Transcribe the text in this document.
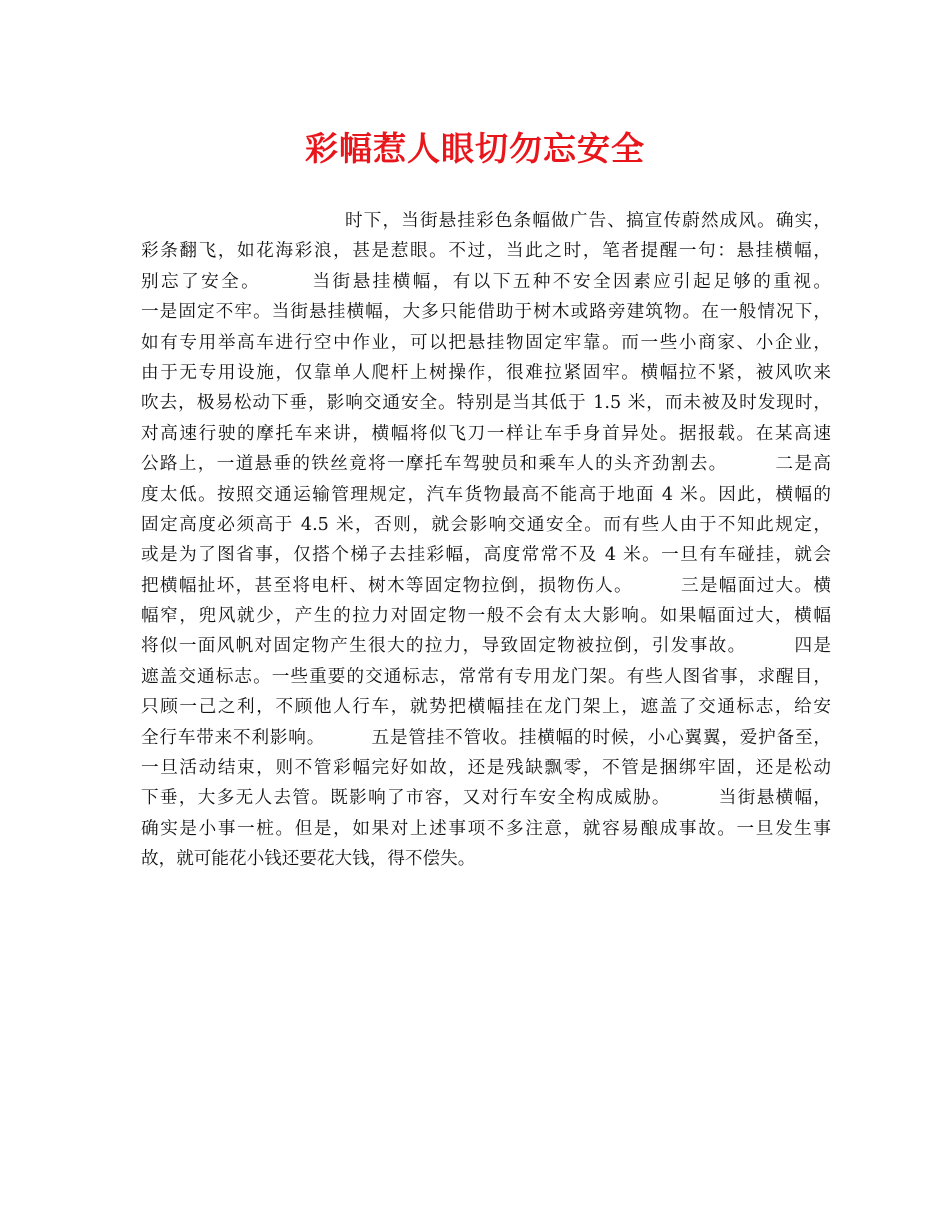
彩幅惹人眼切勿忘安全
时下，当街悬挂彩色条幅做广告、搞宣传蔚然成风。确实，
彩条翻飞，如花海彩浪，甚是惹眼。不过，当此之时，笔者提醒一句：悬挂横幅，
别忘了安全。　　　当街悬挂横幅，有以下五种不安全因素应引起足够的重视。
一是固定不牢。当街悬挂横幅，大多只能借助于树木或路旁建筑物。在一般情况下，
如有专用举高车进行空中作业，可以把悬挂物固定牢靠。而一些小商家、小企业，
由于无专用设施，仅靠单人爬杆上树操作，很难拉紧固牢。横幅拉不紧，被风吹来
吹去，极易松动下垂，影响交通安全。特别是当其低于 1.5 米，而未被及时发现时，
对高速行驶的摩托车来讲，横幅将似飞刀一样让车手身首异处。据报载。在某高速
公路上，一道悬垂的铁丝竟将一摩托车驾驶员和乘车人的头齐劲割去。　　　二是高
度太低。按照交通运输管理规定，汽车货物最高不能高于地面 4 米。因此，横幅的
固定高度必须高于 4.5 米，否则，就会影响交通安全。而有些人由于不知此规定，
或是为了图省事，仅搭个梯子去挂彩幅，高度常常不及 4 米。一旦有车碰挂，就会
把横幅扯坏，甚至将电杆、树木等固定物拉倒，损物伤人。　　　三是幅面过大。横
幅窄，兜风就少，产生的拉力对固定物一般不会有太大影响。如果幅面过大，横幅
将似一面风帆对固定物产生很大的拉力，导致固定物被拉倒，引发事故。　　　四是
遮盖交通标志。一些重要的交通标志，常常有专用龙门架。有些人图省事，求醒目，
只顾一己之利，不顾他人行车，就势把横幅挂在龙门架上，遮盖了交通标志，给安
全行车带来不利影响。　　　五是管挂不管收。挂横幅的时候，小心翼翼，爱护备至，
一旦活动结束，则不管彩幅完好如故，还是残缺飘零，不管是捆绑牢固，还是松动
下垂，大多无人去管。既影响了市容，又对行车安全构成威胁。　　　当街悬横幅，
确实是小事一桩。但是，如果对上述事项不多注意，就容易酿成事故。一旦发生事
故，就可能花小钱还要花大钱，得不偿失。
